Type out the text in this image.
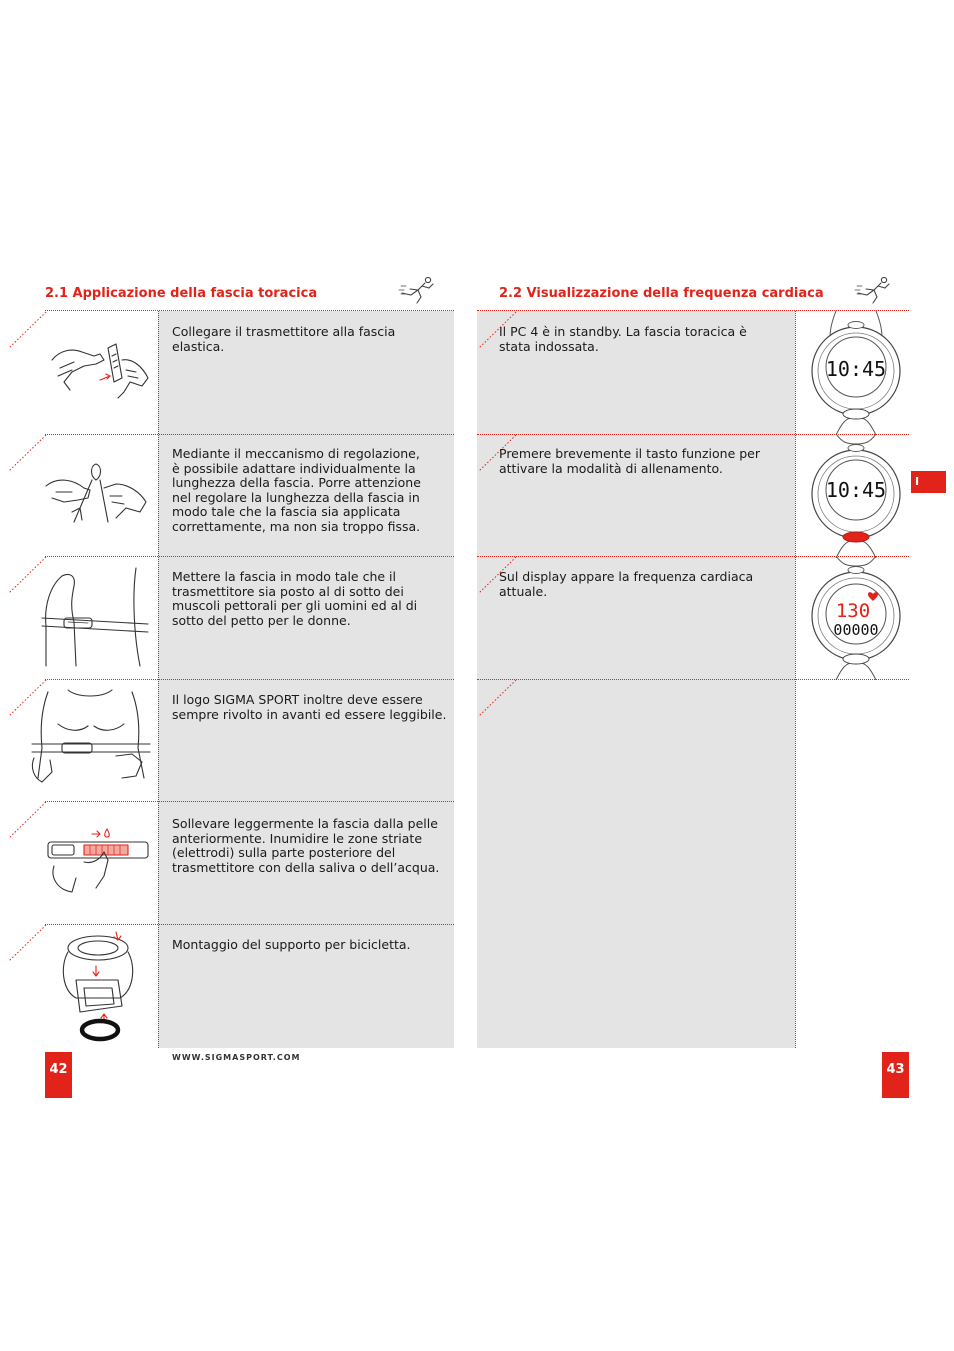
2.1 Applicazione della fascia toracica
Collegare il trasmettitore alla fascia
elastica.
Mediante il meccanismo di regolazione,
è possibile adattare individualmente la
lunghezza della fascia. Porre attenzione
nel regolare la lunghezza della fascia in
modo tale che la fascia sia applicata
correttamente, ma non sia troppo fissa.
Mettere la fascia in modo tale che il
trasmettitore sia posto al di sotto dei
muscoli pettorali per gli uomini ed al di
sotto del petto per le donne.
Il logo SIGMA SPORT inoltre deve essere
sempre rivolto in avanti ed essere leggibile.
Sollevare leggermente la fascia dalla pelle
anteriormente. Inumidire le zone striate
(elettrodi) sulla parte posteriore del
trasmettitore con della saliva o dell’acqua.
Montaggio del supporto per bicicletta.
42
WWW.SIGMASPORT.COM
2.2 Visualizzazione della frequenza cardiaca
Il PC 4 è in standby. La fascia toracica è
stata indossata.
Premere brevemente il tasto funzione per
attivare la modalità di allenamento.
Sul display appare la frequenza cardiaca
attuale.
10:45
10:45
130
00000
I
43
